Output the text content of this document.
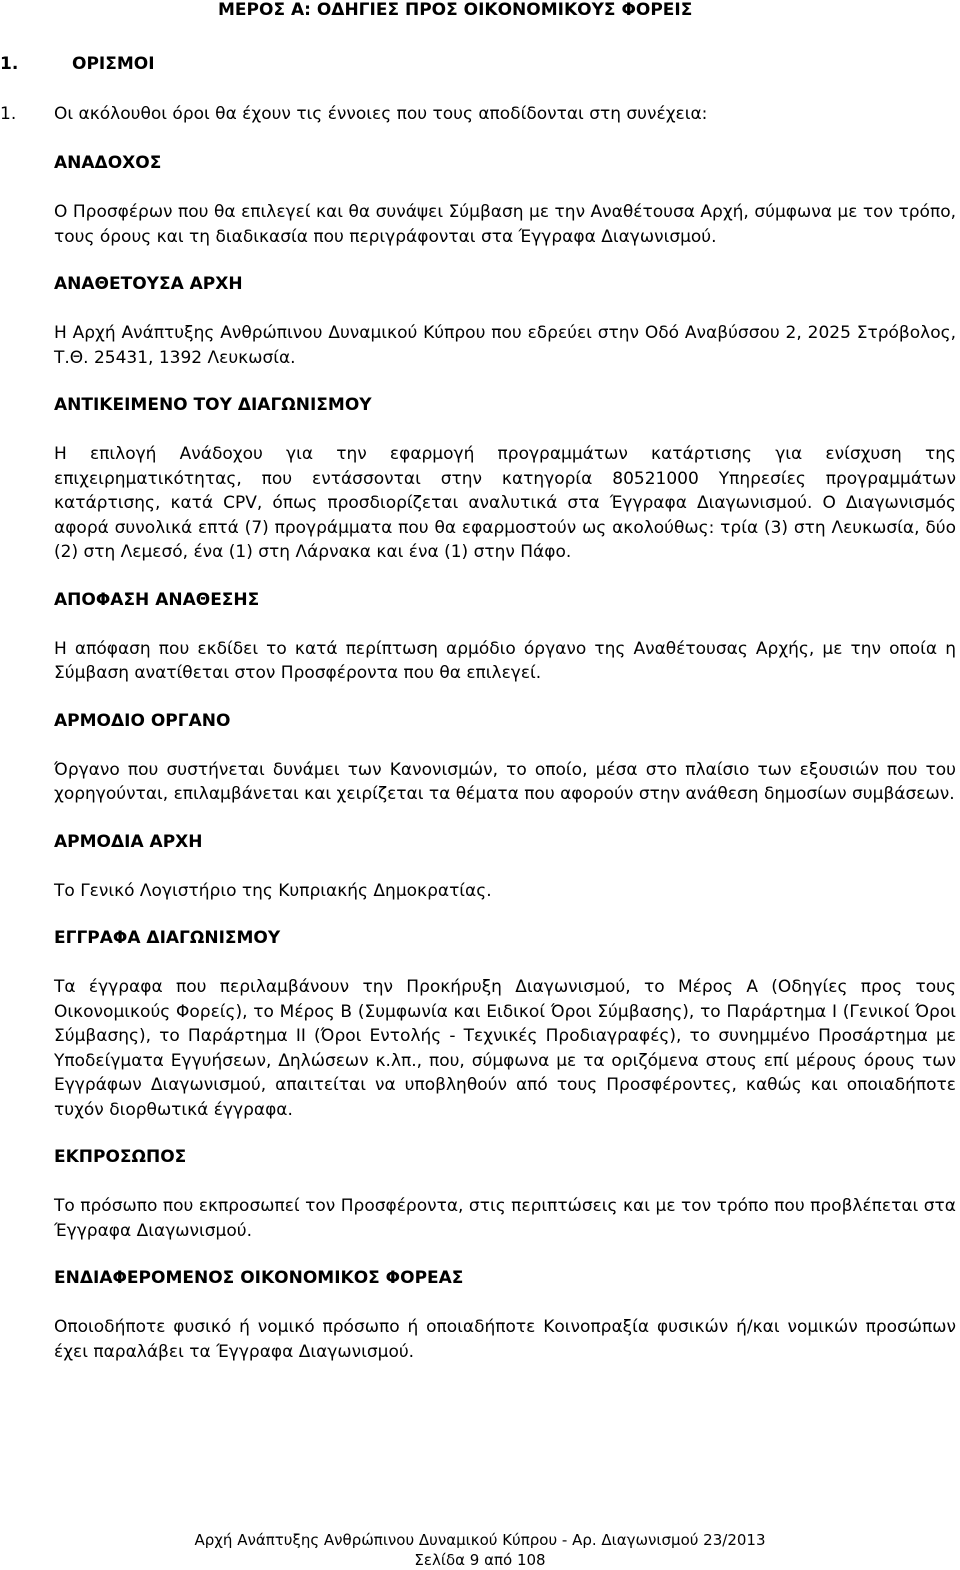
ΜΕΡΟΣ Α: ΟΔΗΓΙΕΣ ΠΡΟΣ ΟΙΚΟΝΟΜΙΚΟΥΣ ΦΟΡΕΙΣ
1.	ΟΡΙΣΜΟΙ
1. Οι ακόλουθοι όροι θα έχουν τις έννοιες που τους αποδίδονται στη συνέχεια:
ΑΝΑΔΟΧΟΣ
Ο Προσφέρων που θα επιλεγεί και θα συνάψει Σύμβαση με την Αναθέτουσα Αρχή, σύμφωνα με τον τρόπο, τους όρους και τη διαδικασία που περιγράφονται στα Έγγραφα Διαγωνισμού.
ΑΝΑΘΕΤΟΥΣΑ ΑΡΧΗ
Η Αρχή Ανάπτυξης Ανθρώπινου Δυναμικού Κύπρου που εδρεύει στην Οδό Αναβύσσου 2, 2025 Στρόβολος, Τ.Θ. 25431, 1392 Λευκωσία.
ΑΝΤΙΚΕΙΜΕΝΟ ΤΟΥ ΔΙΑΓΩΝΙΣΜΟΥ
Η επιλογή Ανάδοχου για την εφαρμογή προγραμμάτων κατάρτισης για ενίσχυση της επιχειρηματικότητας, που εντάσσονται στην κατηγορία 80521000 Υπηρεσίες προγραμμάτων κατάρτισης, κατά CPV, όπως προσδιορίζεται αναλυτικά στα Έγγραφα Διαγωνισμού. Ο Διαγωνισμός αφορά συνολικά επτά (7) προγράμματα που θα εφαρμοστούν ως ακολούθως: τρία (3) στη Λευκωσία, δύο (2) στη Λεμεσό, ένα (1) στη Λάρνακα και ένα (1) στην Πάφο.
ΑΠΟΦΑΣΗ ΑΝΑΘΕΣΗΣ
Η απόφαση που εκδίδει το κατά περίπτωση αρμόδιο όργανο της Αναθέτουσας Αρχής, με την οποία η Σύμβαση ανατίθεται στον Προσφέροντα που θα επιλεγεί.
ΑΡΜΟΔΙΟ ΟΡΓΑΝΟ
Όργανο που συστήνεται δυνάμει των Κανονισμών, το οποίο, μέσα στο πλαίσιο των εξουσιών που του χορηγούνται, επιλαμβάνεται και χειρίζεται τα θέματα που αφορούν στην ανάθεση δημοσίων συμβάσεων.
ΑΡΜΟΔΙΑ ΑΡΧΗ
Το Γενικό Λογιστήριο της Κυπριακής Δημοκρατίας.
ΕΓΓΡΑΦΑ ΔΙΑΓΩΝΙΣΜΟΥ
Τα έγγραφα που περιλαμβάνουν την Προκήρυξη Διαγωνισμού, το Μέρος Α (Οδηγίες προς τους Οικονομικούς Φορείς), το Μέρος Β (Συμφωνία και Ειδικοί Όροι Σύμβασης), το Παράρτημα Ι (Γενικοί Όροι Σύμβασης), το Παράρτημα ΙΙ (Όροι Εντολής - Τεχνικές Προδιαγραφές), το συνημμένο Προσάρτημα με Υποδείγματα Εγγυήσεων, Δηλώσεων κ.λπ., που, σύμφωνα με τα οριζόμενα στους επί μέρους όρους των Εγγράφων Διαγωνισμού, απαιτείται να υποβληθούν από τους Προσφέροντες, καθώς και οποιαδήποτε τυχόν διορθωτικά έγγραφα.
ΕΚΠΡΟΣΩΠΟΣ
Το πρόσωπο που εκπροσωπεί τον Προσφέροντα, στις περιπτώσεις και με τον τρόπο που προβλέπεται στα Έγγραφα Διαγωνισμού.
ΕΝΔΙΑΦΕΡΟΜΕΝΟΣ ΟΙΚΟΝΟΜΙΚΟΣ ΦΟΡΕΑΣ
Οποιοδήποτε φυσικό ή νομικό πρόσωπο ή οποιαδήποτε Κοινοπραξία φυσικών ή/και νομικών προσώπων έχει παραλάβει τα Έγγραφα Διαγωνισμού.
Αρχή Ανάπτυξης Ανθρώπινου Δυναμικού Κύπρου - Αρ. Διαγωνισμού 23/2013
Σελίδα 9 από 108
